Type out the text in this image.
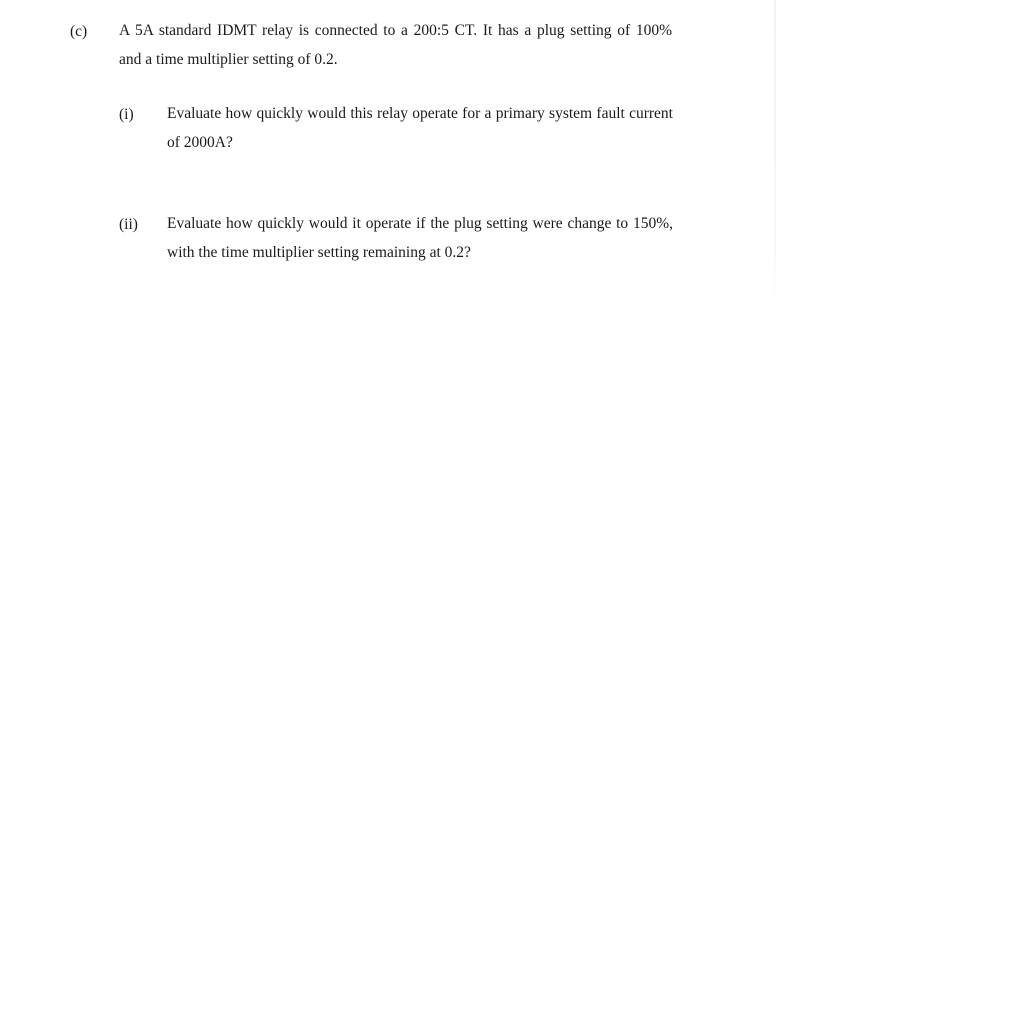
(c) A 5A standard IDMT relay is connected to a 200:5 CT. It has a plug setting of 100%
and a time multiplier setting of 0.2.
(i) Evaluate how quickly would this relay operate for a primary system fault current
of 2000A?
(ii) Evaluate how quickly would it operate if the plug setting were change to 150%,
with the time multiplier setting remaining at 0.2?
